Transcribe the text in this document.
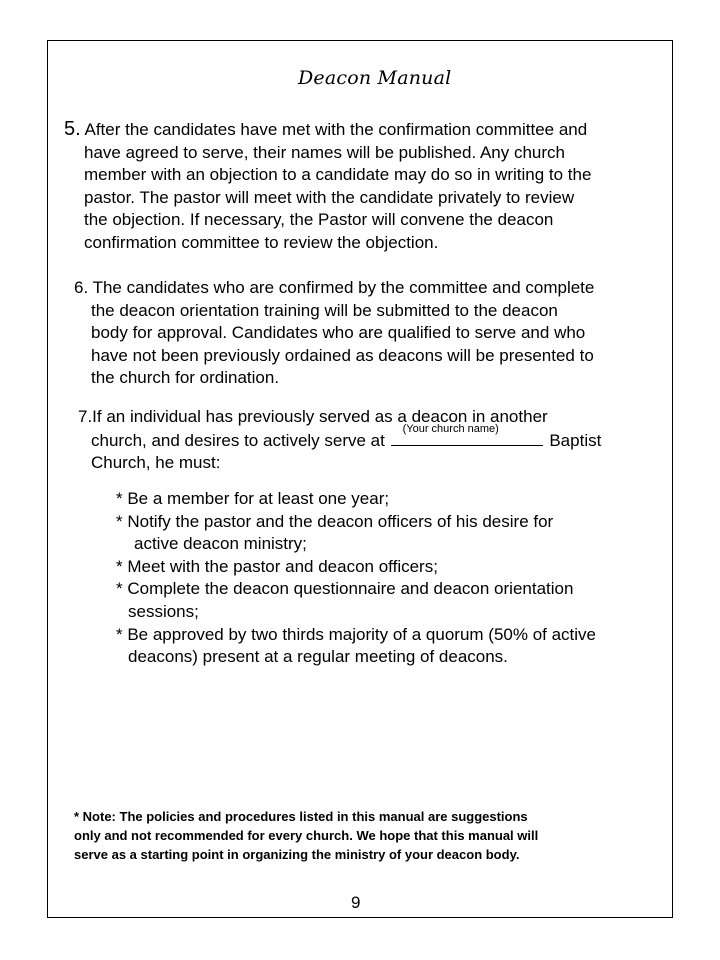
Deacon Manual
5. After the candidates have met with the confirmation committee and
have agreed to serve, their names will be published. Any church
member with an objection to a candidate may do so in writing to the
pastor. The pastor will meet with the candidate privately to review
the objection. If necessary, the Pastor will convene the deacon
confirmation committee to review the objection.
6. The candidates who are confirmed by the committee and complete
the deacon orientation training will be submitted to the deacon
body for approval. Candidates who are qualified to serve and who
have not been previously ordained as deacons will be presented to
the church for ordination.
7.If an individual has previously served as a deacon in another
church, and desires to actively serve at
(Your church name)
Baptist
Church, he must:
* Be a member for at least one year;
* Notify the pastor and the deacon officers of his desire for
active deacon ministry;
* Meet with the pastor and deacon officers;
* Complete the deacon questionnaire and deacon orientation
sessions;
* Be approved by two thirds majority of a quorum (50% of active
deacons) present at a regular meeting of deacons.
* Note: The policies and procedures listed in this manual are suggestions
only and not recommended for every church. We hope that this manual will
serve as a starting point in organizing the ministry of your deacon body.
9
